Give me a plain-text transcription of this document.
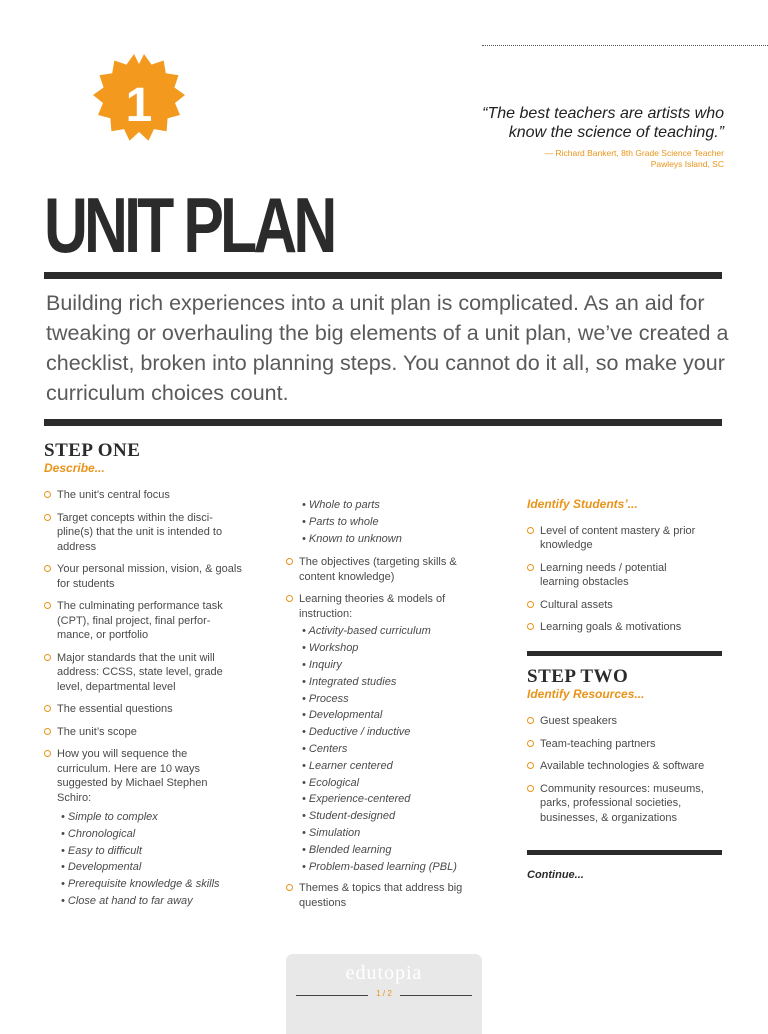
1	“The best teachers are artists who
know the science of teaching.”
— Richard Bankert, 8th Grade Science Teacher
Pawleys Island, SC
UNIT PLAN
Building rich experiences into a unit plan is complicated. As an aid for tweaking or overhauling the big elements of a unit plan, we’ve created a checklist, broken into planning steps. You cannot do it all, so make your curriculum choices count.
STEP ONE
Describe...

The unit’s central focus

Target concepts within the disci-pline(s) that the unit is intended to address

Your personal mission, vision, & goals for students

The culminating performance task (CPT), final project, final perfor-mance, or portfolio

Major standards that the unit will address: CCSS, state level, grade level, departmental level

The essential questions

The unit’s scope

How you will sequence the curriculum. Here are 10 ways suggested by Michael Stephen Schiro:

• Simple to complex
• Chronological
• Easy to difficult
• Developmental
• Prerequisite knowledge & skills
• Close at hand to far away
• Whole to parts
• Parts to whole
• Known to unknown

The objectives (targeting skills & content knowledge)

Learning theories & models of instruction:

• Activity-based curriculum
• Workshop
• Inquiry
• Integrated studies
• Process
• Developmental
• Deductive / inductive
• Centers
• Learner centered
• Ecological
• Experience-centered
• Student-designed
• Simulation
• Blended learning
• Problem-based learning (PBL)

Themes & topics that address big questions

Identify Students’...

Level of content mastery & prior knowledge

Learning needs / potential learning obstacles

Cultural assets

Learning goals & motivations

STEP TWO
Identify Resources...

Guest speakers

Team-teaching partners

Available technologies & software

Community resources: museums, parks, professional societies, businesses, & organizations

Continue...
edutopia
1 / 2
